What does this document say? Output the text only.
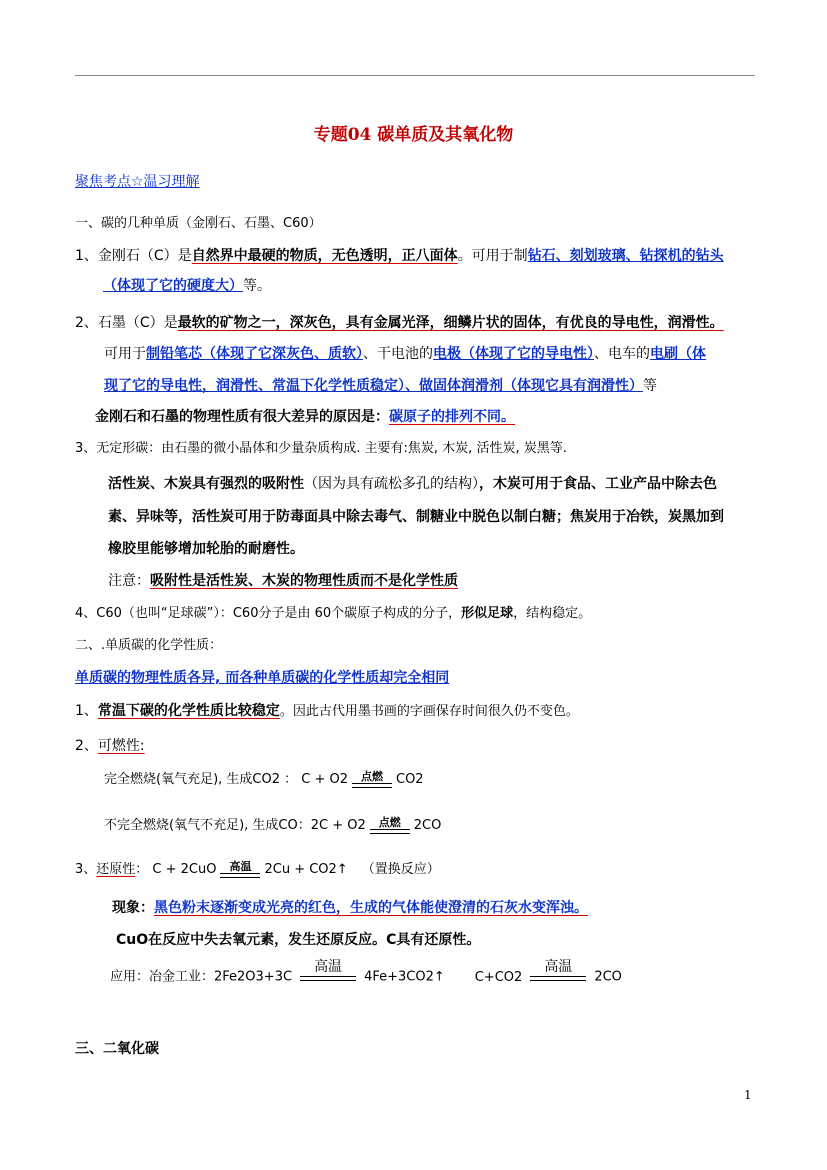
专题04 碳单质及其氧化物
聚焦考点☆温习理解
一、碳的几种单质（金刚石、石墨、C60）
1、金刚石（C）是自然界中最硬的物质，无色透明，正八面体。可用于制钻石、刻划玻璃、钻探机的钻头
（体现了它的硬度大）等。
2、石墨（C）是最软的矿物之一，深灰色，具有金属光泽，细鳞片状的固体，有优良的导电性，润滑性。
可用于制铅笔芯（体现了它深灰色、质软）、干电池的电极（体现了它的导电性）、电车的电刷（体
现了它的导电性，润滑性、常温下化学性质稳定）、做固体润滑剂（体现它具有润滑性）等
金刚石和石墨的物理性质有很大差异的原因是：碳原子的排列不同。
3、无定形碳：由石墨的微小晶体和少量杂质构成. 主要有:焦炭, 木炭, 活性炭, 炭黑等.
活性炭、木炭具有强烈的吸附性（因为具有疏松多孔的结构），木炭可用于食品、工业产品中除去色
素、异味等，活性炭可用于防毒面具中除去毒气、制糖业中脱色以制白糖；焦炭用于冶铁，炭黑加到
橡胶里能够增加轮胎的耐磨性。
注意：吸附性是活性炭、木炭的物理性质而不是化学性质
4、C60（也叫“足球碳”）：C60分子是由 60个碳原子构成的分子，形似足球，结构稳定。
二、.单质碳的化学性质：
单质碳的物理性质各异, 而各种单质碳的化学性质却完全相同
1、常温下碳的化学性质比较稳定。因此古代用墨书画的字画保存时间很久仍不变色。
2、可燃性:
完全燃烧(氧气充足), 生成CO2 ： C + O2	点燃	CO2
不完全燃烧(氧气不充足), 生成CO：2C + O2	点燃	2CO
3、还原性： C + 2CuO	高温	2Cu + CO2↑ （置换反应）
现象：黑色粉末逐渐变成光亮的红色，生成的气体能使澄清的石灰水变浑浊。
CuO在反应中失去氧元素，发生还原反应。C具有还原性。
应用：冶金工业：2Fe2O3+3C
高温
4Fe+3CO2↑ C+CO2
高温
2CO
三、二氧化碳
1
